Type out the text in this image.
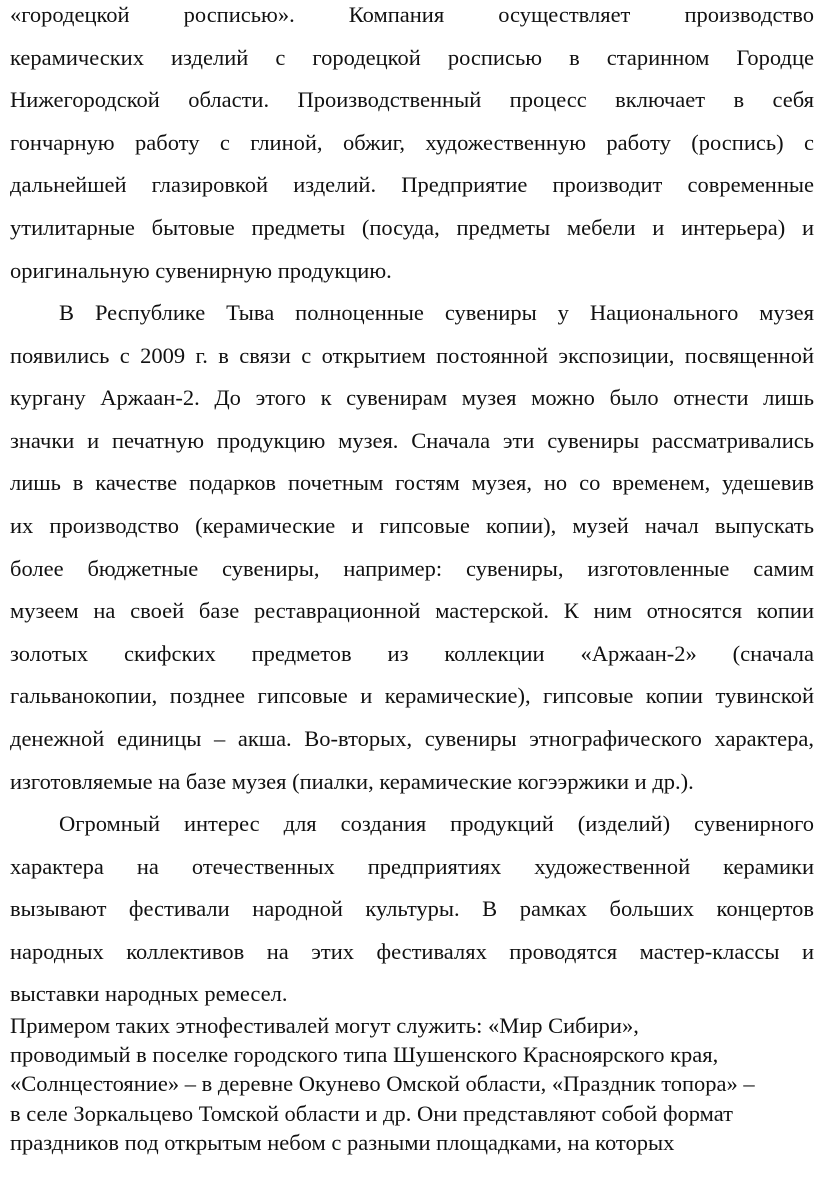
«городецкой росписью». Компания осуществляет производство
керамических изделий с городецкой росписью в старинном Городце
Нижегородской области. Производственный процесс включает в себя
гончарную работу с глиной, обжиг, художественную работу (роспись) с
дальнейшей глазировкой изделий. Предприятие производит современные
утилитарные бытовые предметы (посуда, предметы мебели и интерьера) и
оригинальную сувенирную продукцию.
В Республике Тыва полноценные сувениры у Национального музея
появились с 2009 г. в связи с открытием постоянной экспозиции, посвященной
кургану Аржаан-2. До этого к сувенирам музея можно было отнести лишь
значки и печатную продукцию музея. Сначала эти сувениры рассматривались
лишь в качестве подарков почетным гостям музея, но со временем, удешевив
их производство (керамические и гипсовые копии), музей начал выпускать
более бюджетные сувениры, например: сувениры, изготовленные самим
музеем на своей базе реставрационной мастерской. К ним относятся копии
золотых скифских предметов из коллекции «Аржаан-2» (сначала
гальванокопии, позднее гипсовые и керамические), гипсовые копии тувинской
денежной единицы – акша. Во-вторых, сувениры этнографического характера,
изготовляемые на базе музея (пиалки, керамические когээржики и др.).
Огромный интерес для создания продукций (изделий) сувенирного
характера на отечественных предприятиях художественной керамики
вызывают фестивали народной культуры. В рамках больших концертов
народных коллективов на этих фестивалях проводятся мастер-классы и
выставки народных ремесел.
Примером таких этнофестивалей могут служить: «Мир Сибири»,
проводимый в поселке городского типа Шушенского Красноярского края,
«Солнцестояние» – в деревне Окунево Омской области, «Праздник топора» –
в селе Зоркальцево Томской области и др. Они представляют собой формат
праздников под открытым небом с разными площадками, на которых
